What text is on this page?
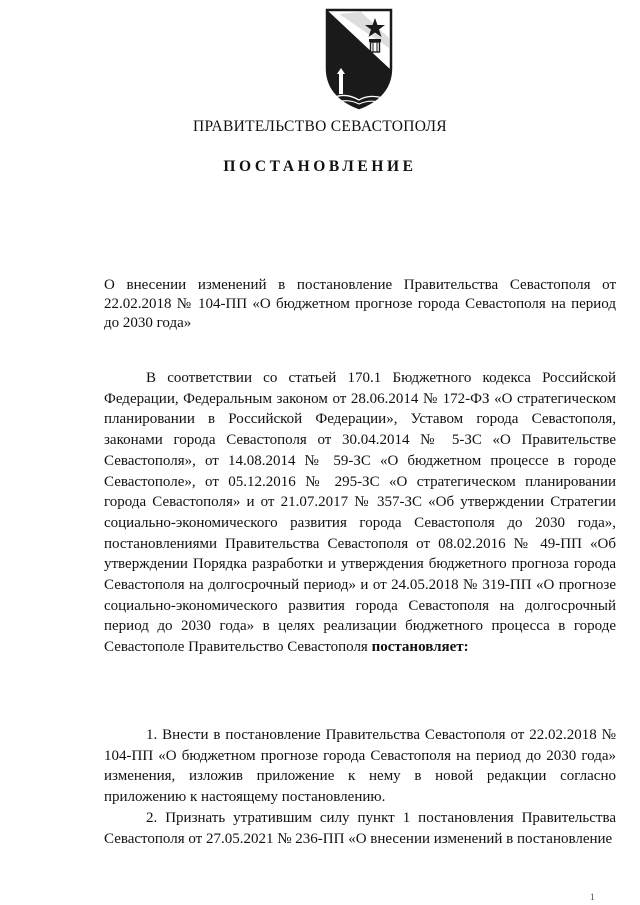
ПРАВИТЕЛЬСТВО СЕВАСТОПОЛЯ
ПОСТАНОВЛЕНИЕ
О внесении изменений в постановление Правительства Севастополя от 22.02.2018 № 104-ПП «О бюджетном прогнозе города Севастополя на период до 2030 года»
В соответствии со статьей 170.1 Бюджетного кодекса Российской Федерации, Федеральным законом от 28.06.2014 № 172-ФЗ «О стратегическом планировании в Российской Федерации», Уставом города Севастополя, законами города Севастополя от 30.04.2014 № 5-ЗС «О Правительстве Севастополя», от 14.08.2014 № 59-ЗС «О бюджетном процессе в городе Севастополе», от 05.12.2016 № 295-ЗС «О стратегическом планировании города Севастополя» и от 21.07.2017 № 357-ЗС «Об утверждении Стратегии социально-экономического развития города Севастополя до 2030 года», постановлениями Правительства Севастополя от 08.02.2016 № 49-ПП «Об утверждении Порядка разработки и утверждения бюджетного прогноза города Севастополя на долгосрочный период» и от 24.05.2018 № 319-ПП «О прогнозе социально-экономического развития города Севастополя на долгосрочный период до 2030 года» в целях реализации бюджетного процесса в городе Севастополе Правительство Севастополя постановляет:
1. Внести в постановление Правительства Севастополя от 22.02.2018 № 104-ПП «О бюджетном прогнозе города Севастополя на период до 2030 года» изменения, изложив приложение к нему в новой редакции согласно приложению к настоящему постановлению.
2. Признать утратившим силу пункт 1 постановления Правительства Севастополя от 27.05.2021 № 236-ПП «О внесении изменений в постановление
1
